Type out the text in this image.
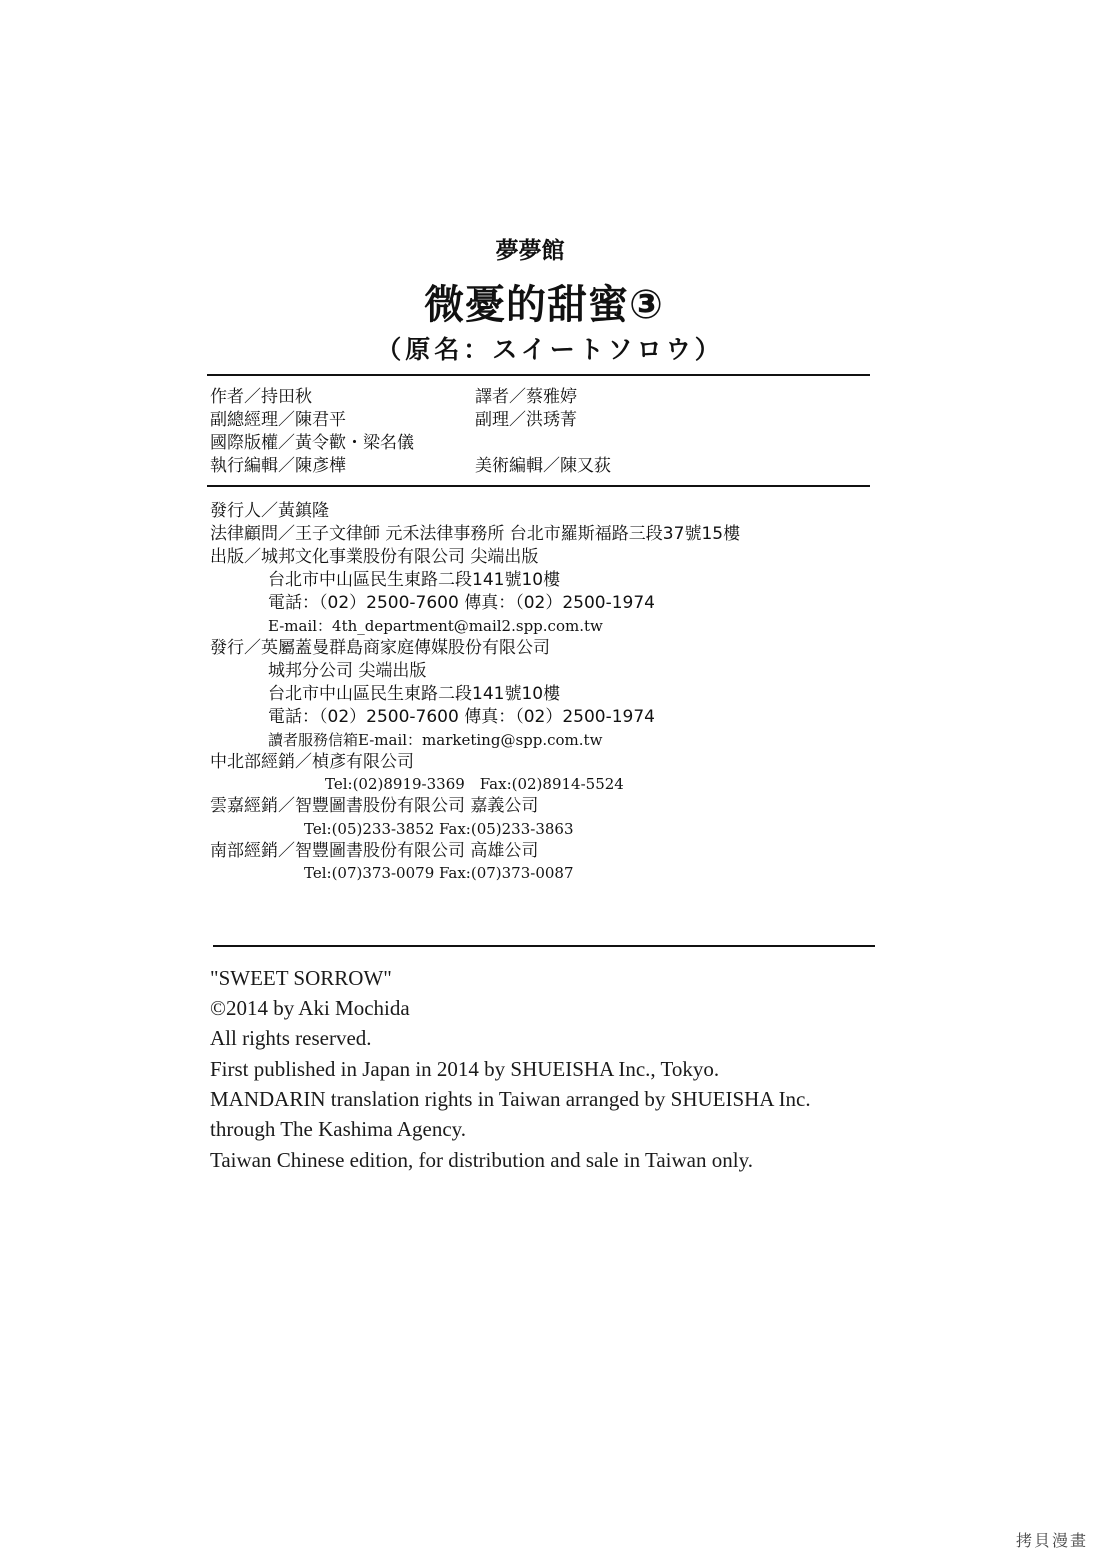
夢夢館
微憂的甜蜜③
（原名：スイートソロウ）
作者／持田秋
副總經理／陳君平
國際版權／黃令歡・梁名儀
執行編輯／陳彥樺
譯者／蔡雅婷
副理／洪琇菁
美術編輯／陳又荻
發行人／黃鎮隆
法律顧問／王子文律師 元禾法律事務所 台北市羅斯福路三段37號15樓
出版／城邦文化事業股份有限公司 尖端出版
台北市中山區民生東路二段141號10樓
電話：（02）2500-7600 傳真：（02）2500-1974
E-mail：4th_department@mail2.spp.com.tw
發行／英屬蓋曼群島商家庭傳媒股份有限公司
城邦分公司 尖端出版
台北市中山區民生東路二段141號10樓
電話：（02）2500-7600 傳真：（02）2500-1974
讀者服務信箱E-mail：marketing@spp.com.tw
中北部經銷／楨彥有限公司
Tel:(02)8919-3369　Fax:(02)8914-5524
雲嘉經銷／智豐圖書股份有限公司 嘉義公司
Tel:(05)233-3852 Fax:(05)233-3863
南部經銷／智豐圖書股份有限公司 高雄公司
Tel:(07)373-0079 Fax:(07)373-0087
"SWEET SORROW"
©2014 by Aki Mochida
All rights reserved.
First published in Japan in 2014 by SHUEISHA Inc., Tokyo.
MANDARIN translation rights in Taiwan arranged by SHUEISHA Inc.
through The Kashima Agency.
Taiwan Chinese edition, for distribution and sale in Taiwan only.
拷貝漫畫
